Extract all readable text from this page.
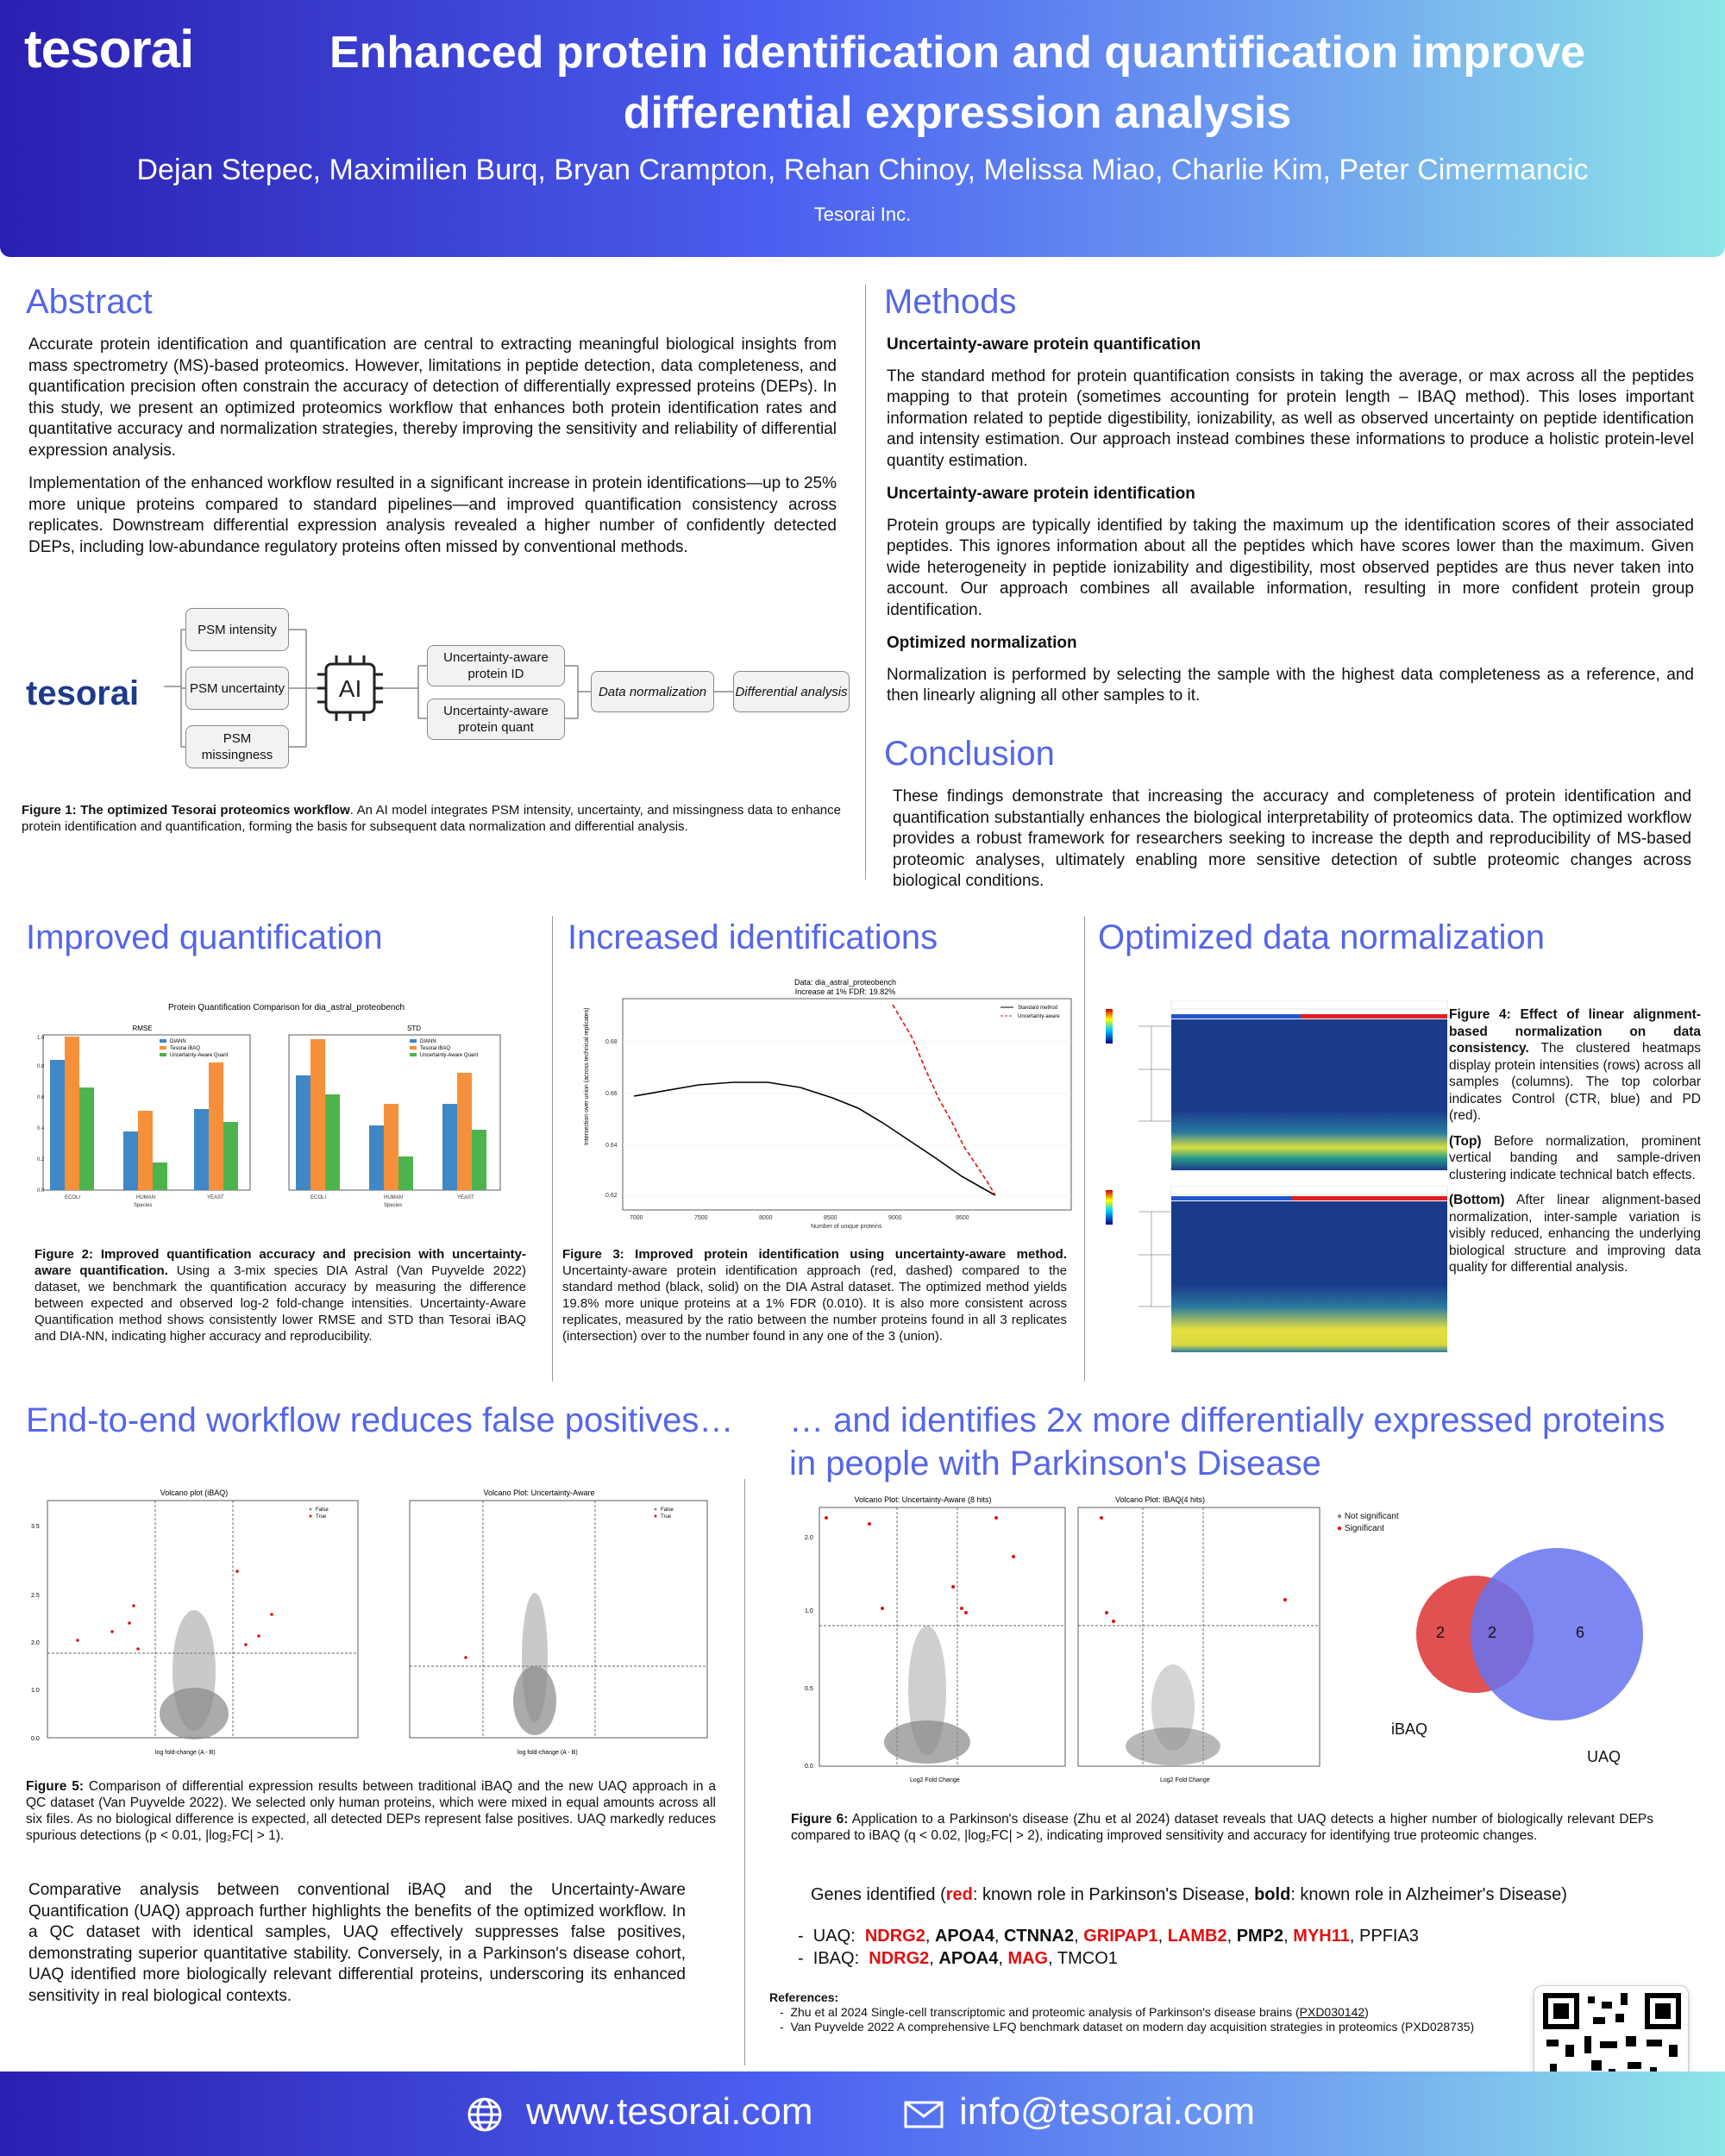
tesorai	Enhanced protein identification and quantification improve differential expression analysis
Dejan Stepec, Maximilien Burq, Bryan Crampton, Rehan Chinoy, Melissa Miao, Charlie Kim, Peter Cimermancic
Tesorai Inc.
Abstract

Accurate protein identification and quantification are central to extracting meaningful biological insights from mass spectrometry (MS)-based proteomics. However, limitations in peptide detection, data completeness, and quantification precision often constrain the accuracy of detection of differentially expressed proteins (DEPs). In this study, we present an optimized proteomics workflow that enhances both protein identification rates and quantitative accuracy and normalization strategies, thereby improving the sensitivity and reliability of differential expression analysis.

Implementation of the enhanced workflow resulted in a significant increase in protein identifications—up to 25% more unique proteins compared to standard pipelines—and improved quantification consistency across replicates. Downstream differential expression analysis revealed a higher number of confidently detected DEPs, including low-abundance regulatory proteins often missed by conventional methods.

AI
tesorai
PSM intensity
PSM uncertainty
PSM missingness
Uncertainty-aware protein ID
Uncertainty-aware protein quant
Data normalization	Differential analysis
Figure 1: The optimized Tesorai proteomics workflow. An AI model integrates PSM intensity, uncertainty, and missingness data to enhance protein identification and quantification, forming the basis for subsequent data normalization and differential analysis.
Methods

Uncertainty-aware protein quantification

The standard method for protein quantification consists in taking the average, or max across all the peptides mapping to that protein (sometimes accounting for protein length – IBAQ method). This loses important information related to peptide digestibility, ionizability, as well as observed uncertainty on peptide identification and intensity estimation. Our approach instead combines these informations to produce a holistic protein-level quantity estimation.

Uncertainty-aware protein identification

Protein groups are typically identified by taking the maximum up the identification scores of their associated peptides. This ignores information about all the peptides which have scores lower than the maximum. Given wide heterogeneity in peptide ionizability and digestibility, most observed peptides are thus never taken into account. Our approach combines all available information, resulting in more confident protein group identification.

Optimized normalization

Normalization is performed by selecting the sample with the highest data completeness as a reference, and then linearly aligning all other samples to it.

Conclusion
These findings demonstrate that increasing the accuracy and completeness of protein identification and quantification substantially enhances the biological interpretability of proteomics data. The optimized workflow provides a robust framework for researchers seeking to increase the depth and reproducibility of MS-based proteomic analyses, ultimately enabling more sensitive detection of subtle proteomic changes across biological conditions.
Improved quantification
Protein Quantification Comparison for dia_astral_proteobench
RMSE	STD
0.0
0.2
0.4
0.6
0.8
1.0
ECOLI	HUMAN	YEAST	ECOLI	HUMAN	YEAST
Species	Species
DIANN
Tesorai iBAQ
Uncertainty-Aware Quant
DIANN
Tesorai iBAQ
Uncertainty-Aware Quant
Figure 2: Improved quantification accuracy and precision with uncertainty-aware quantification. Using a 3-mix species DIA Astral (Van Puyvelde 2022) dataset, we benchmark the quantification accuracy by measuring the difference between expected and observed log-2 fold-change intensities. Uncertainty-Aware Quantification method shows consistently lower RMSE and STD than Tesorai iBAQ and DIA-NN, indicating higher accuracy and reproducibility.
Increased identifications
Data: dia_astral_proteobench
Increase at 1% FDR: 19.82%
0.68
0.66
0.64
0.62
7000	7500	8000	8500	9000	9500
Number of unique proteins
Intersection over union (across technical replicates)	Standard method
Uncertainty-aware
Figure 3: Improved protein identification using uncertainty-aware method. Uncertainty-aware protein identification approach (red, dashed) compared to the standard method (black, solid) on the DIA Astral dataset. The optimized method yields 19.8% more unique proteins at a 1% FDR (0.010). It is also more consistent across replicates, measured by the ratio between the number proteins found in all 3 replicates (intersection) over to the number found in any one of the 3 (union).
Optimized data normalization

Figure 4: Effect of linear alignment-based normalization on data consistency. The clustered heatmaps display protein intensities (rows) across all samples (columns). The top colorbar indicates Control (CTR, blue) and PD (red).

(Top) Before normalization, prominent vertical banding and sample-driven clustering indicate technical batch effects.

(Bottom) After linear alignment-based normalization, inter-sample variation is visibly reduced, enhancing the underlying biological structure and improving data quality for differential analysis.

End-to-end workflow reduces false positives…
Volcano plot (iBAQ)
0.0
1.0
2.0
2.5
3.5
log fold-change (A - B)
False
True
Volcano Plot: Uncertainty-Aware
log fold-change (A - B)
False
True
Figure 5: Comparison of differential expression results between traditional iBAQ and the new UAQ approach in a QC dataset (Van Puyvelde 2022). We selected only human proteins, which were mixed in equal amounts across all six files. As no biological difference is expected, all detected DEPs represent false positives. UAQ markedly reduces spurious detections (p < 0.01, |log₂FC| > 1).
Comparative analysis between conventional iBAQ and the Uncertainty-Aware Quantification (UAQ) approach further highlights the benefits of the optimized workflow. In a QC dataset with identical samples, UAQ effectively suppresses false positives, demonstrating superior quantitative stability. Conversely, in a Parkinson's disease cohort, UAQ identified more biologically relevant differential proteins, underscoring its enhanced sensitivity in real biological contexts.
… and identifies 2x more differentially expressed proteins in people with Parkinson's Disease
Volcano Plot: Uncertainty-Aware (8 hits)
0.0
0.5
1.0
2.0
Log2 Fold Change
Volcano Plot: IBAQ(4 hits)
Log2 Fold Change
● Not significant
● Significant
2	2	6
iBAQ
UAQ
Figure 6: Application to a Parkinson's disease (Zhu et al 2024) dataset reveals that UAQ detects a higher number of biologically relevant DEPs compared to iBAQ (q < 0.02, |log₂FC| > 2), indicating improved sensitivity and accuracy for identifying true proteomic changes.
Genes identified (red: known role in Parkinson's Disease, bold: known role in Alzheimer's Disease)
-  UAQ: NDRG2, APOA4, CTNNA2, GRIPAP1, LAMB2, PMP2, MYH11, PPFIA3
-  IBAQ: NDRG2, APOA4, MAG, TMCO1
References:
-  Zhu et al 2024 Single-cell transcriptomic and proteomic analysis of Parkinson's disease brains (PXD030142)
-  Van Puyvelde 2022 A comprehensive LFQ benchmark dataset on modern day acquisition strategies in proteomics (PXD028735)
www.tesorai.com	info@tesorai.com
